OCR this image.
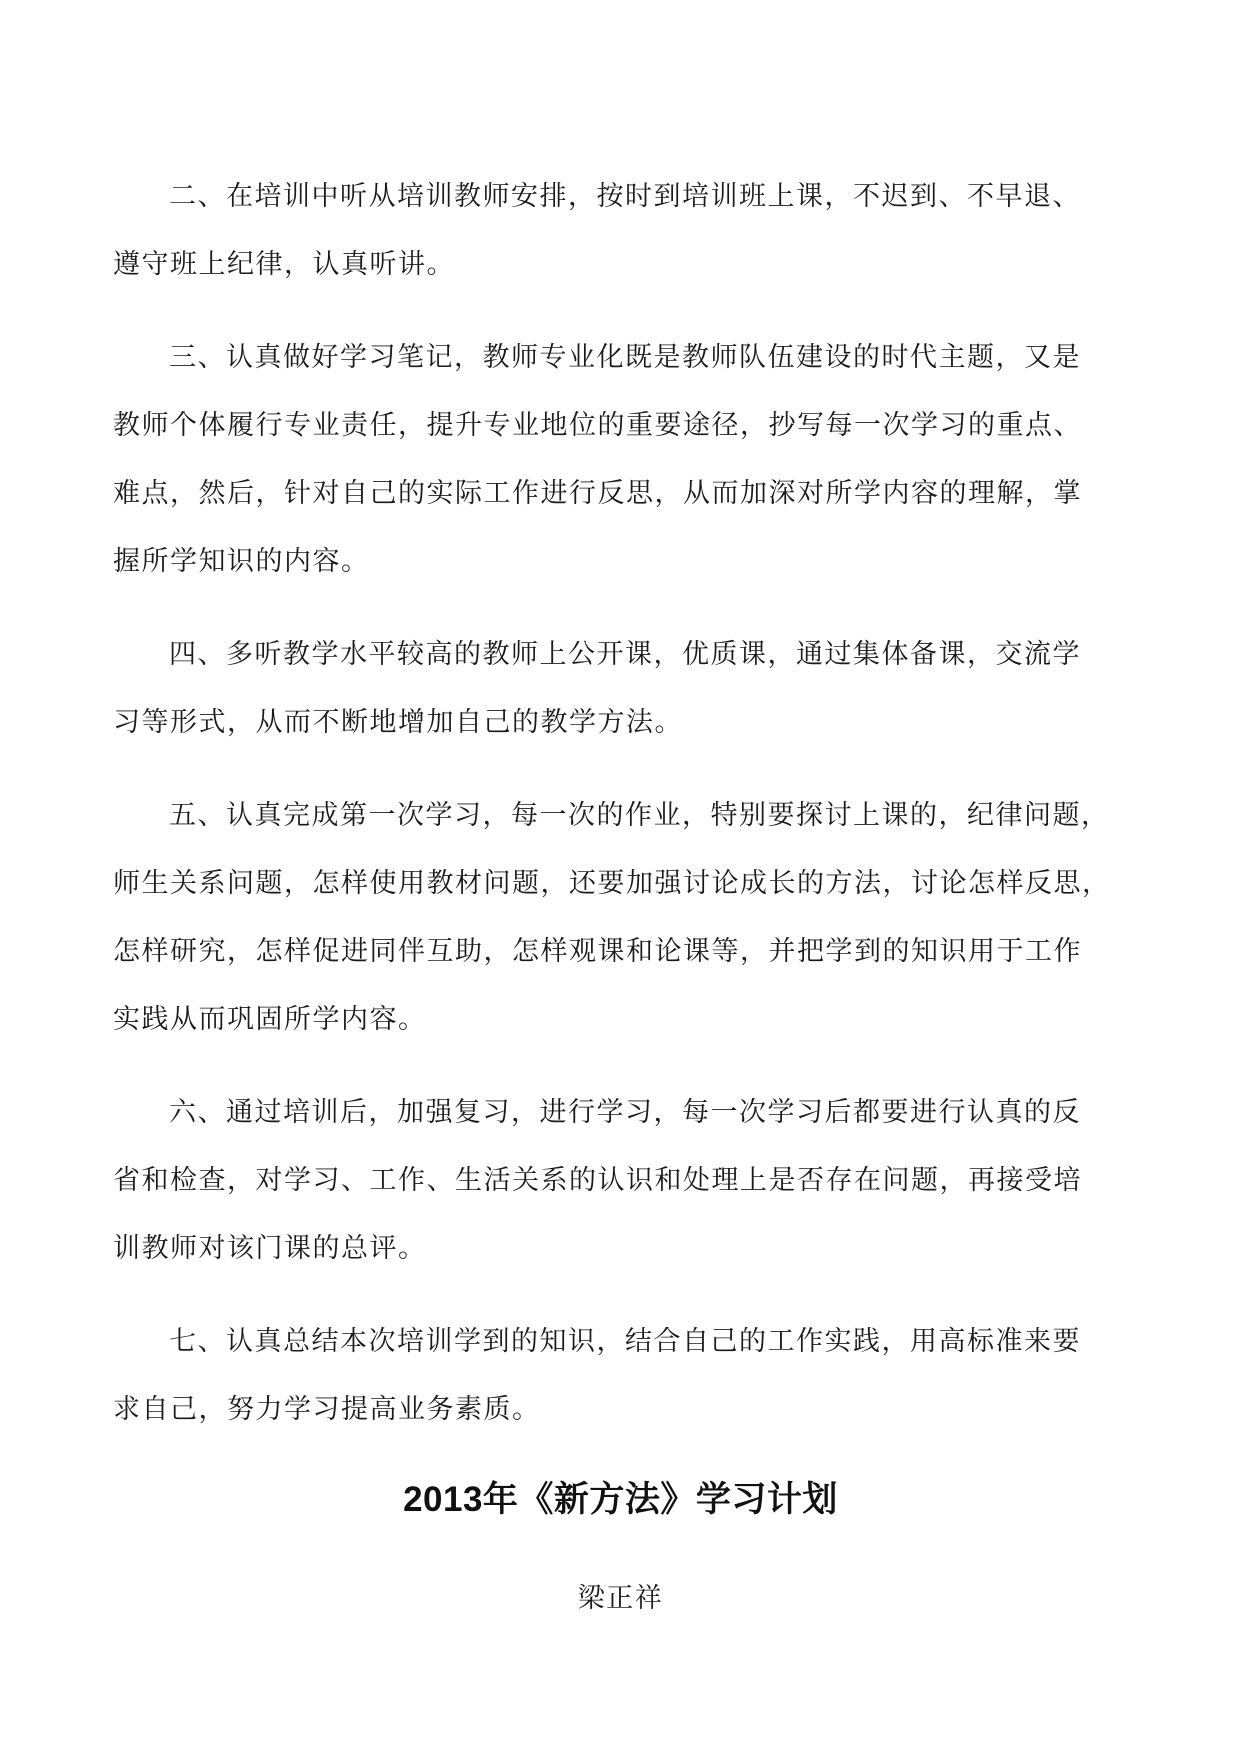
二、在培训中听从培训教师安排，按时到培训班上课，不迟到、不早退、
遵守班上纪律，认真听讲。

三、认真做好学习笔记，教师专业化既是教师队伍建设的时代主题，又是
教师个体履行专业责任，提升专业地位的重要途径，抄写每一次学习的重点、
难点，然后，针对自己的实际工作进行反思，从而加深对所学内容的理解，掌
握所学知识的内容。

四、多听教学水平较高的教师上公开课，优质课，通过集体备课，交流学
习等形式，从而不断地增加自己的教学方法。

五、认真完成第一次学习，每一次的作业，特别要探讨上课的，纪律问题，
师生关系问题，怎样使用教材问题，还要加强讨论成长的方法，讨论怎样反思，
怎样研究，怎样促进同伴互助，怎样观课和论课等，并把学到的知识用于工作
实践从而巩固所学内容。

六、通过培训后，加强复习，进行学习，每一次学习后都要进行认真的反
省和检查，对学习、工作、生活关系的认识和处理上是否存在问题，再接受培
训教师对该门课的总评。

七、认真总结本次培训学到的知识，结合自己的工作实践，用高标准来要
求自己，努力学习提高业务素质。

2013年《新方法》学习计划
梁正祥
